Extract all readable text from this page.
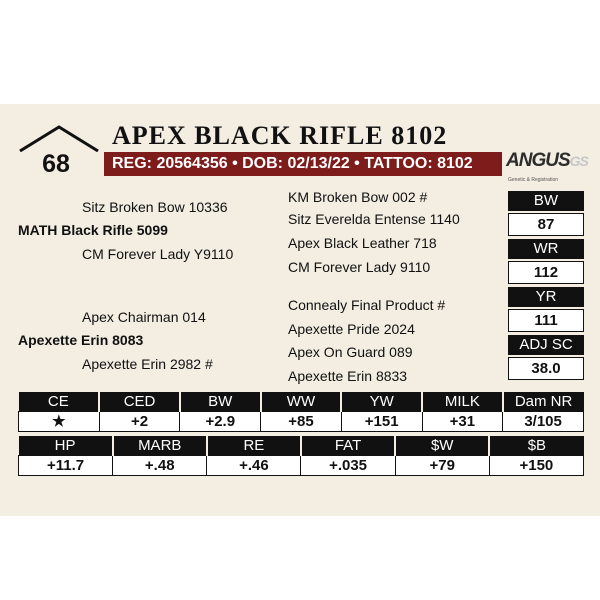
68
APEX BLACK RIFLE 8102
REG: 20564356 • DOB: 02/13/22 • TATTOO: 8102	ANGUSGS
Genetic & Registration
Sitz Broken Bow 10336
MATH Black Rifle 5099
CM Forever Lady Y9110
Apex Chairman 014
Apexette Erin 8083
Apexette Erin 2982 #
KM Broken Bow 002 #
Sitz Everelda Entense 1140
Apex Black Leather 718
CM Forever Lady 9110
Connealy Final Product #
Apexette Pride 2024
Apex On Guard 089
Apexette Erin 8833
BW
87
WR
112
YR
111
ADJ SC
38.0
CE	CED	BW	WW	YW	MILK	Dam NR
★	+2	+2.9	+85	+151	+31	3/105
HP	MARB	RE	FAT	$W	$B
+11.7	+.48	+.46	+.035	+79	+150
